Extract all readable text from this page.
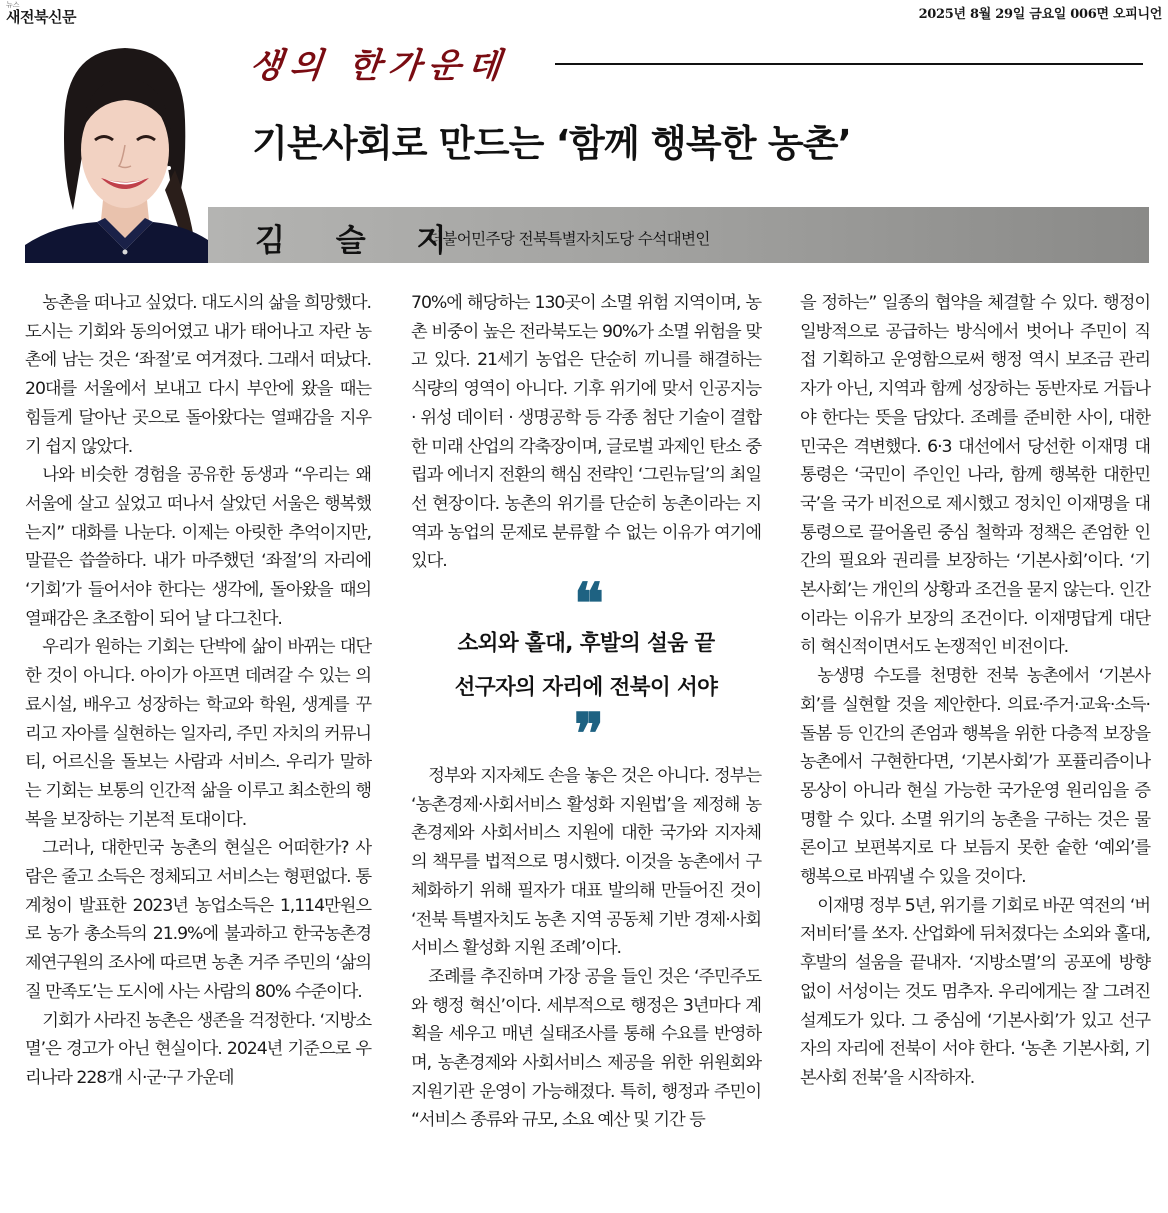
뉴스
새전북신문	2025년 8월 29일 금요일 006면 오피니언
생의 한가운데
기본사회로 만드는 ‘함께 행복한 농촌’
김 슬 지
더불어민주당 전북특별자치도당 수석대변인

농촌을 떠나고 싶었다. 대도시의 삶을 희망했다. 도시는 기회와 동의어였고 내가 태어나고 자란 농촌에 남는 것은 ‘좌절’로 여겨졌다. 그래서 떠났다. 20대를 서울에서 보내고 다시 부안에 왔을 때는 힘들게 달아난 곳으로 돌아왔다는 열패감을 지우기 쉽지 않았다.

나와 비슷한 경험을 공유한 동생과 “우리는 왜 서울에 살고 싶었고 떠나서 살았던 서울은 행복했는지” 대화를 나눈다. 이제는 아릿한 추억이지만, 말끝은 씁쓸하다. 내가 마주했던 ‘좌절’의 자리에 ‘기회’가 들어서야 한다는 생각에, 돌아왔을 때의 열패감은 초조함이 되어 날 다그친다.

우리가 원하는 기회는 단박에 삶이 바뀌는 대단한 것이 아니다. 아이가 아프면 데려갈 수 있는 의료시설, 배우고 성장하는 학교와 학원, 생계를 꾸리고 자아를 실현하는 일자리, 주민 자치의 커뮤니티, 어르신을 돌보는 사람과 서비스. 우리가 말하는 기회는 보통의 인간적 삶을 이루고 최소한의 행복을 보장하는 기본적 토대이다.

그러나, 대한민국 농촌의 현실은 어떠한가? 사람은 줄고 소득은 정체되고 서비스는 형편없다. 통계청이 발표한 2023년 농업소득은 1,114만원으로 농가 총소득의 21.9%에 불과하고 한국농촌경제연구원의 조사에 따르면 농촌 거주 주민의 ‘삶의 질 만족도’는 도시에 사는 사람의 80% 수준이다.

기회가 사라진 농촌은 생존을 걱정한다. ‘지방소멸’은 경고가 아닌 현실이다. 2024년 기준으로 우리나라 228개 시·군·구 가운데

70%에 해당하는 130곳이 소멸 위험 지역이며, 농촌 비중이 높은 전라북도는 90%가 소멸 위험을 맞고 있다. 21세기 농업은 단순히 끼니를 해결하는 식량의 영역이 아니다. 기후 위기에 맞서 인공지능 · 위성 데이터 · 생명공학 등 각종 첨단 기술이 결합한 미래 산업의 각축장이며, 글로벌 과제인 탄소 중립과 에너지 전환의 핵심 전략인 ‘그린뉴딜’의 최일선 현장이다. 농촌의 위기를 단순히 농촌이라는 지역과 농업의 문제로 분류할 수 없는 이유가 여기에 있다.

❝
소외와 홀대, 후발의 설움 끝
선구자의 자리에 전북이 서야
❞

정부와 지자체도 손을 놓은 것은 아니다. 정부는 ‘농촌경제·사회서비스 활성화 지원법’을 제정해 농촌경제와 사회서비스 지원에 대한 국가와 지자체의 책무를 법적으로 명시했다. 이것을 농촌에서 구체화하기 위해 필자가 대표 발의해 만들어진 것이 ‘전북 특별자치도 농촌 지역 공동체 기반 경제·사회 서비스 활성화 지원 조례’이다.

조례를 추진하며 가장 공을 들인 것은 ‘주민주도와 행정 혁신’이다. 세부적으로 행정은 3년마다 계획을 세우고 매년 실태조사를 통해 수요를 반영하며, 농촌경제와 사회서비스 제공을 위한 위원회와 지원기관 운영이 가능해졌다. 특히, 행정과 주민이 “서비스 종류와 규모, 소요 예산 및 기간 등

을 정하는” 일종의 협약을 체결할 수 있다. 행정이 일방적으로 공급하는 방식에서 벗어나 주민이 직접 기획하고 운영함으로써 행정 역시 보조금 관리자가 아닌, 지역과 함께 성장하는 동반자로 거듭나야 한다는 뜻을 담았다. 조례를 준비한 사이, 대한민국은 격변했다. 6·3 대선에서 당선한 이재명 대통령은 ‘국민이 주인인 나라, 함께 행복한 대한민국’을 국가 비전으로 제시했고 정치인 이재명을 대통령으로 끌어올린 중심 철학과 정책은 존엄한 인간의 필요와 권리를 보장하는 ‘기본사회’이다. ‘기본사회’는 개인의 상황과 조건을 묻지 않는다. 인간이라는 이유가 보장의 조건이다. 이재명답게 대단히 혁신적이면서도 논쟁적인 비전이다.

농생명 수도를 천명한 전북 농촌에서 ‘기본사회’를 실현할 것을 제안한다. 의료·주거·교육·소득·돌봄 등 인간의 존엄과 행복을 위한 다층적 보장을 농촌에서 구현한다면, ‘기본사회’가 포퓰리즘이나 몽상이 아니라 현실 가능한 국가운영 원리임을 증명할 수 있다. 소멸 위기의 농촌을 구하는 것은 물론이고 보편복지로 다 보듬지 못한 숱한 ‘예외’를 행복으로 바꿔낼 수 있을 것이다.

이재명 정부 5년, 위기를 기회로 바꾼 역전의 ‘버저비터’를 쏘자. 산업화에 뒤처졌다는 소외와 홀대, 후발의 설움을 끝내자. ‘지방소멸’의 공포에 방향 없이 서성이는 것도 멈추자. 우리에게는 잘 그려진 설계도가 있다. 그 중심에 ‘기본사회’가 있고 선구자의 자리에 전북이 서야 한다. ‘농촌 기본사회, 기본사회 전북’을 시작하자.
